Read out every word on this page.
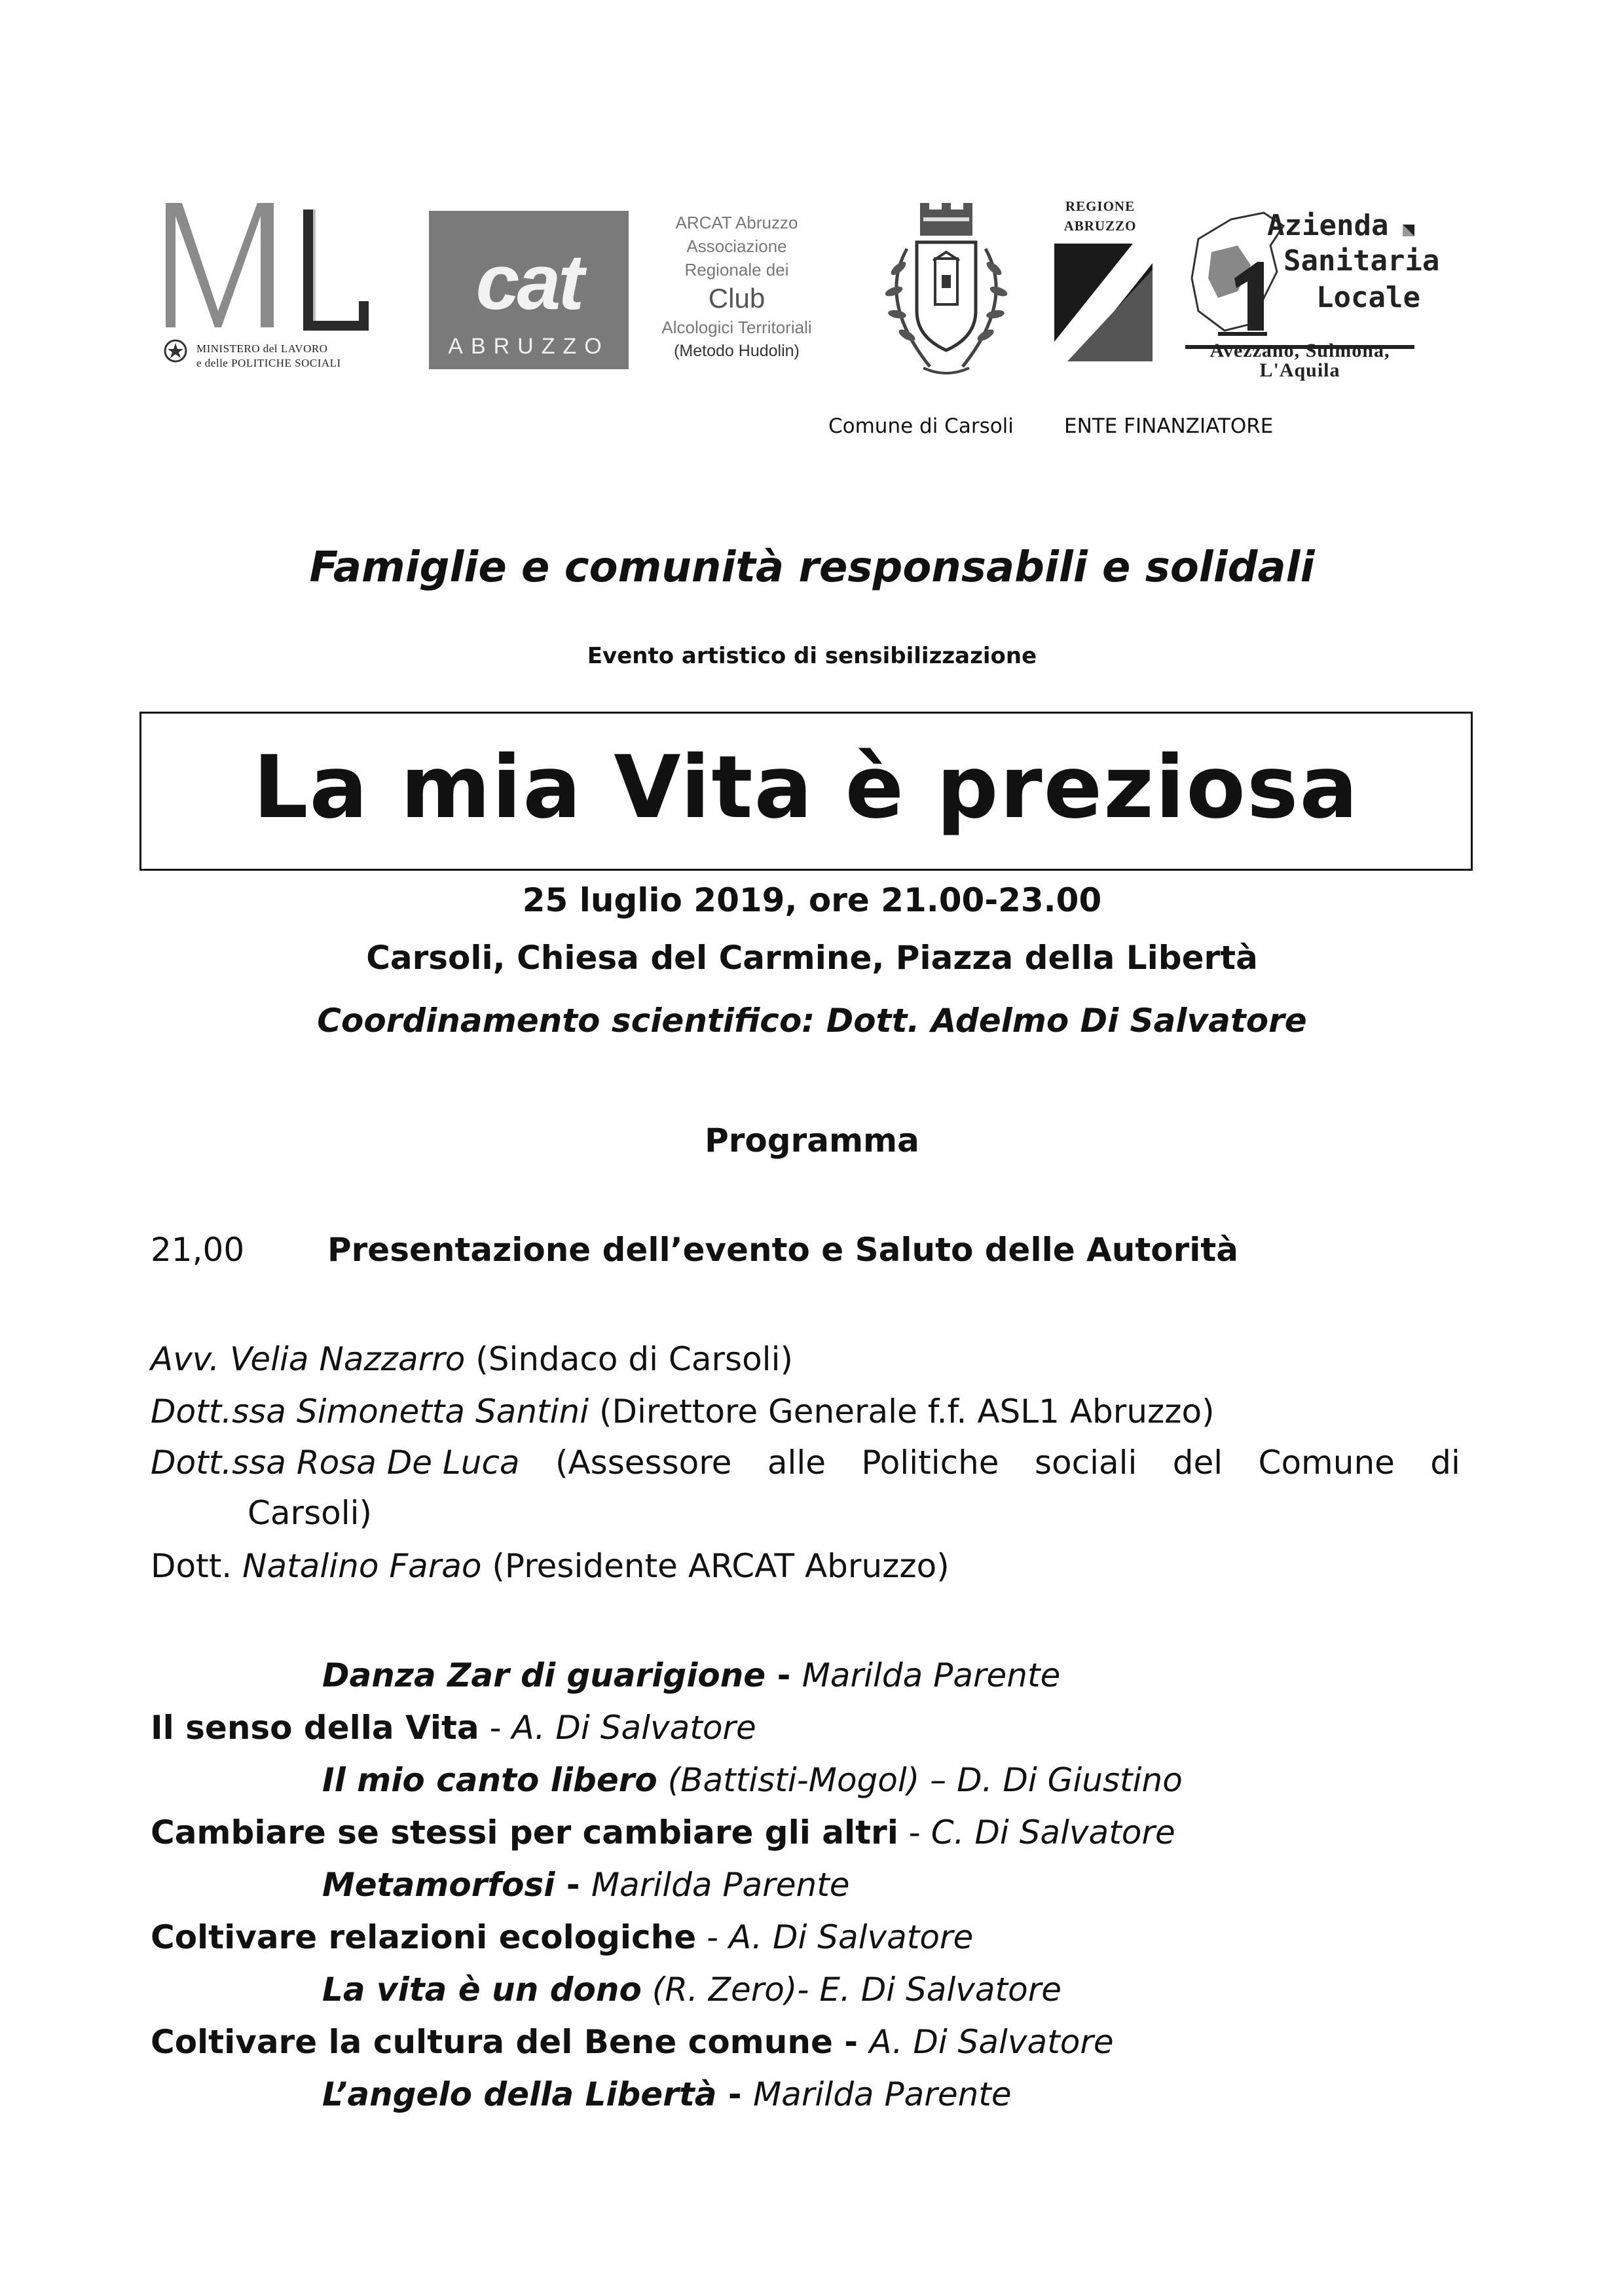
MINISTERO del LAVORO
e delle POLITICHE SOCIALI
cat
ABRUZZO
ARCAT Abruzzo
Associazione
Regionale dei
Club
Alcologici Territoriali
(Metodo Hudolin)
REGIONE
ABRUZZO	Azienda
Sanitaria
Locale
Avezzano, Sulmona,
L'Aquila
Comune di Carsoli ENTE FINANZIATORE
Famiglie e comunità responsabili e solidali
Evento artistico di sensibilizzazione
La mia Vita è preziosa
25 luglio 2019, ore 21.00-23.00
Carsoli, Chiesa del Carmine, Piazza della Libertà
Coordinamento scientifico: Dott. Adelmo Di Salvatore
Programma
21,00	Presentazione dell’evento e Saluto delle Autorità
Avv. Velia Nazzarro (Sindaco di Carsoli)
Dott.ssa Simonetta Santini (Direttore Generale f.f. ASL1 Abruzzo)
Dott.ssa Rosa De Luca (Assessore alle Politiche sociali del Comune di
Carsoli)
Dott. Natalino Farao (Presidente ARCAT Abruzzo)
Danza Zar di guarigione - Marilda Parente
Il senso della Vita - A. Di Salvatore
Il mio canto libero (Battisti-Mogol) – D. Di Giustino
Cambiare se stessi per cambiare gli altri - C. Di Salvatore
Metamorfosi - Marilda Parente
Coltivare relazioni ecologiche - A. Di Salvatore
La vita è un dono (R. Zero)- E. Di Salvatore
Coltivare la cultura del Bene comune - A. Di Salvatore
L’angelo della Libertà - Marilda Parente
